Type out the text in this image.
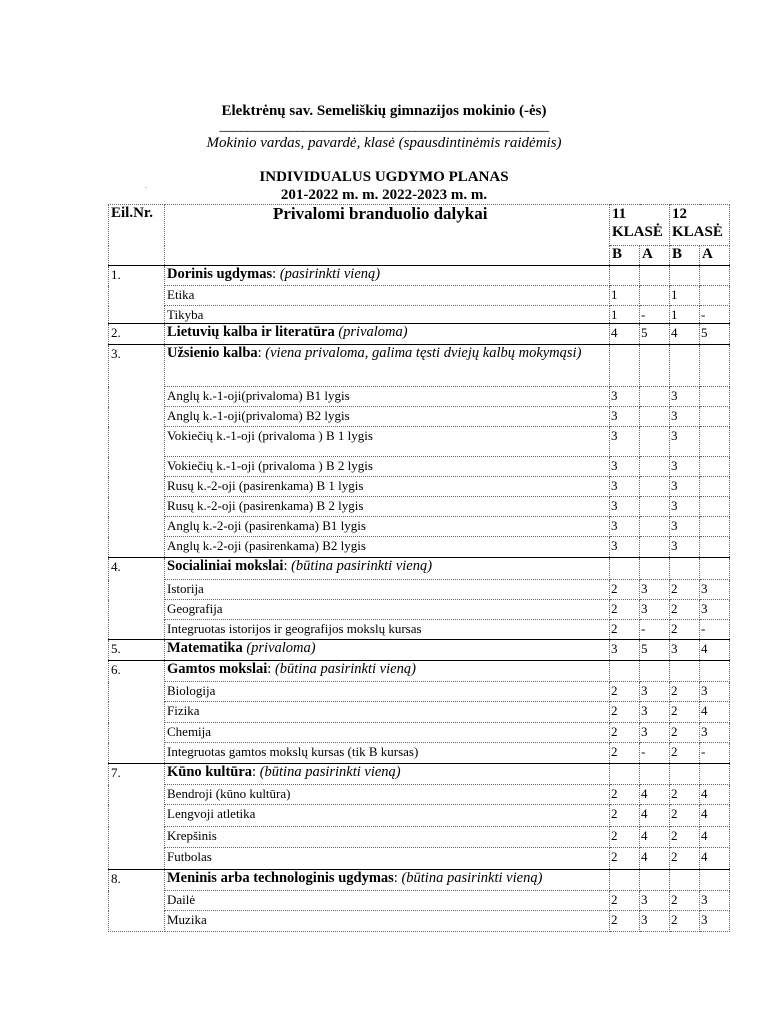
Elektrėnų sav. Semeliškių gimnazijos mokinio (-ės)
_______________________________________________
Mokinio vardas, pavardė, klasė (spausdintinėmis raidėmis)
INDIVIDUALUS UGDYMO PLANAS
201-2022 m. m. 2022-2023 m. m.
.
Eil.Nr.	Privalomi branduolio dalykai	11 KLASĖ		12 KLASĖ	
		B	A	B	A
1.	Dorinis ugdymas: (pasirinkti vieną)				
	Etika	1		1	
	Tikyba	1	-	1	-
2.	Lietuvių kalba ir literatūra (privaloma)	4	5	4	5
3.	Užsienio kalba: (viena privaloma, galima tęsti dviejų kalbų mokymąsi)				
	Anglų k.-1-oji(privaloma) B1 lygis	3		3	
	Anglų k.-1-oji(privaloma) B2 lygis	3		3	
	Vokiečių k.-1-oji (privaloma ) B 1 lygis	3		3	
	Vokiečių k.-1-oji (privaloma ) B 2 lygis	3		3	
	Rusų k.-2-oji (pasirenkama) B 1 lygis	3		3	
	Rusų k.-2-oji (pasirenkama) B 2 lygis	3		3	
	Anglų k.-2-oji (pasirenkama) B1 lygis	3		3	
	Anglų k.-2-oji (pasirenkama) B2 lygis	3		3	
4.	Socialiniai mokslai: (būtina pasirinkti vieną)				
	Istorija	2	3	2	3
	Geografija	2	3	2	3
	Integruotas istorijos ir geografijos mokslų kursas	2	-	2	-
5.	Matematika (privaloma)	3	5	3	4
6.	Gamtos mokslai: (būtina pasirinkti vieną)				
	Biologija	2	3	2	3
	Fizika	2	3	2	4
	Chemija	2	3	2	3
	Integruotas gamtos mokslų kursas (tik B kursas)	2	-	2	-
7.	Kūno kultūra: (būtina pasirinkti vieną)				
	Bendroji (kūno kultūra)	2	4	2	4
	Lengvoji atletika	2	4	2	4
	Krepšinis	2	4	2	4
	Futbolas	2	4	2	4
8.	Meninis arba technologinis ugdymas: (būtina pasirinkti vieną)				
	Dailė	2	3	2	3
	Muzika	2	3	2	3
